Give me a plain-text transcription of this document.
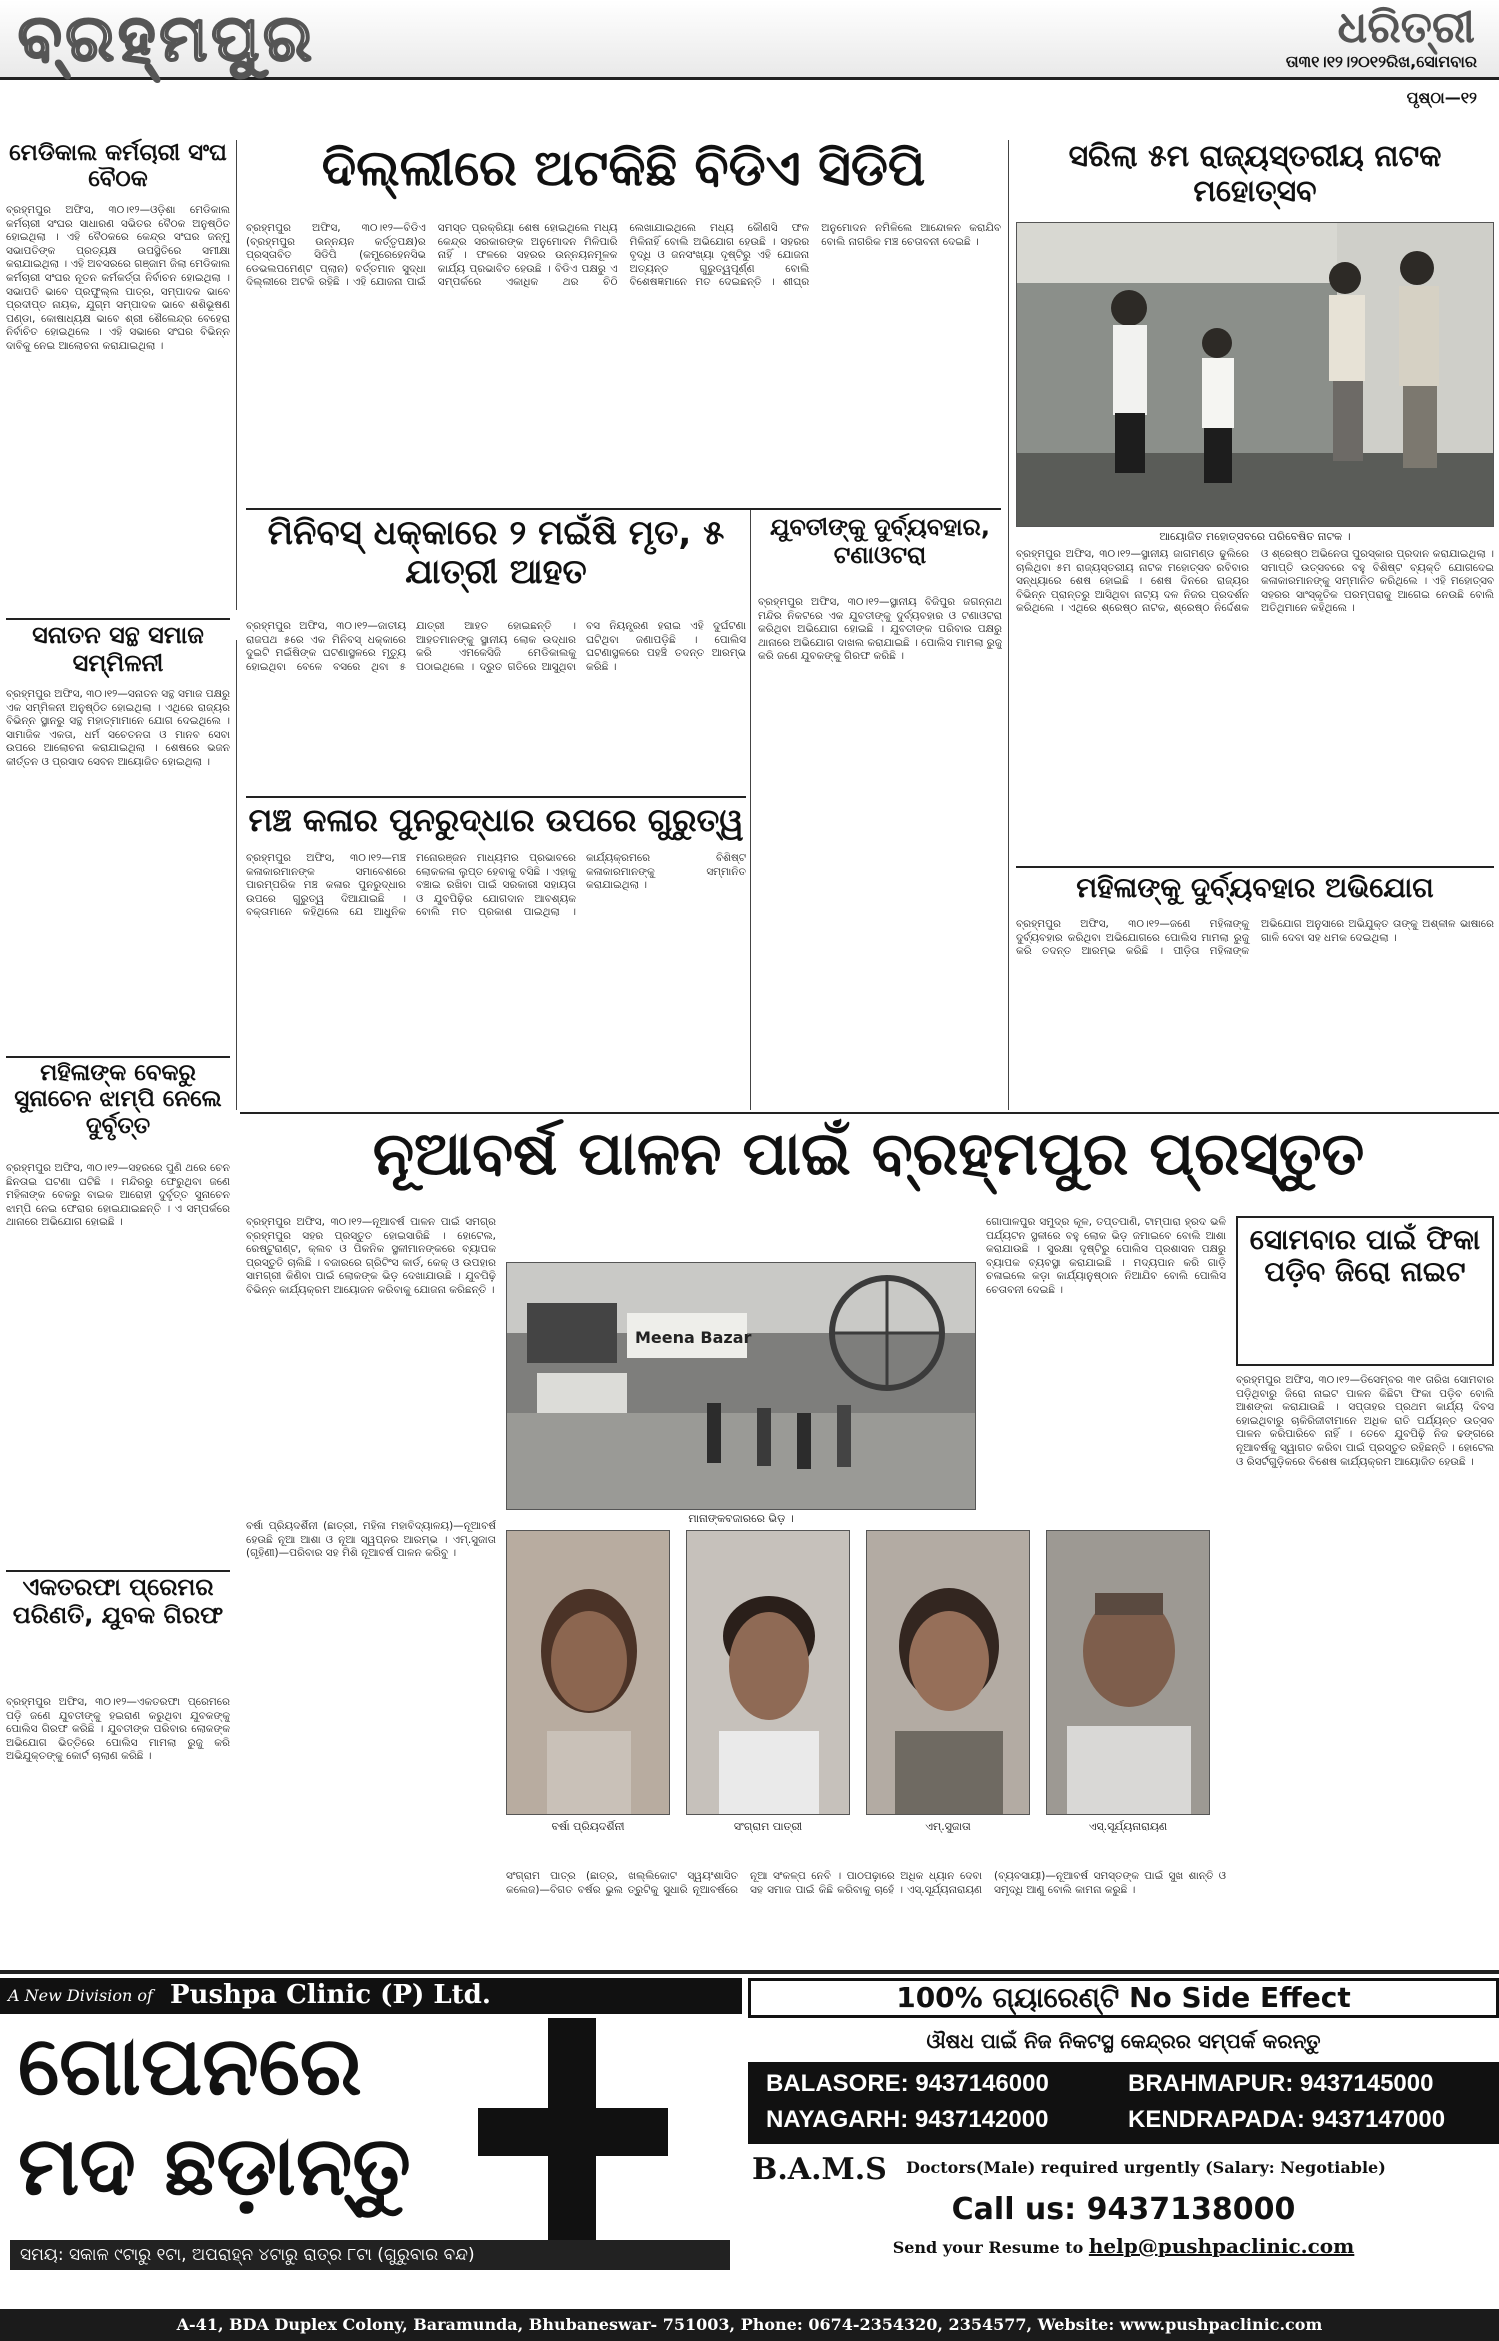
ବ୍ରହ୍ମପୁର	ଧରିତ୍ରୀ
ତା୩୧।୧୨।୨୦୧୨ରିଖ,ସୋମବାର
ପୃଷ୍ଠା—୧୨
ମେଡିକାଲ କର୍ମଚାରୀ ସଂଘ ବୈଠକ
ବ୍ରହ୍ମପୁର ଅଫିସ, ୩୦।୧୨—ଓଡ଼ିଶା ମେଡିକାଲ କର୍ମଚାରୀ ସଂଘର ସାଧାରଣ ସଭିତର ବୈଠକ ଅନୁଷ୍ଠିତ ହୋଇଥିଲା । ଏହି ବୈଠକରେ କେନ୍ଦ୍ର ସଂଘର ଜନ୍ମୁ ସଭାପତିଙ୍କ ପ୍ରତ୍ୟକ୍ଷ ଉପସ୍ଥିତିରେ ସମୀକ୍ଷା କରାଯାଇଥିଲା । ଏହି ଅବସରରେ ଗଞ୍ଜାମ ଜିଲା ମେଡିକାଲ କର୍ମଚାରୀ ସଂଘର ନୂତନ କର୍ମକର୍ତ୍ତା ନିର୍ବାଚନ ହୋଇଥିଲା । ସଭାପତି ଭାବେ ପ୍ରଫୁଲ୍ଲ ପାତ୍ର, ସମ୍ପାଦକ ଭାବେ ପ୍ରଦୀପ୍ତ ନାୟକ, ଯୁଗ୍ମ ସମ୍ପାଦକ ଭାବେ ଶଶିଭୂଷଣ ପଣ୍ଡା, କୋଷାଧ୍ୟକ୍ଷ ଭାବେ ଶ୍ରୀ ଶୈଲେନ୍ଦ୍ର ବେହେରା ନିର୍ବାଚିତ ହୋଇଥିଲେ । ଏହି ସଭାରେ ସଂଘର ବିଭିନ୍ନ ଦାବିକୁ ନେଇ ଆଲୋଚନା କରାଯାଇଥିଲା ।
ସନାତନ ସନ୍ଥ ସମାଜ ସମ୍ମିଳନୀ
ବ୍ରହ୍ମପୁର ଅଫିସ, ୩୦।୧୨—ସନାତନ ସନ୍ଥ ସମାଜ ପକ୍ଷରୁ ଏକ ସମ୍ମିଳନୀ ଅନୁଷ୍ଠିତ ହୋଇଥିଲା । ଏଥିରେ ରାଜ୍ୟର ବିଭିନ୍ନ ସ୍ଥାନରୁ ସନ୍ଥ ମହାତ୍ମାମାନେ ଯୋଗ ଦେଇଥିଲେ । ସାମାଜିକ ଏକତା, ଧର୍ମ ସଚେତନତା ଓ ମାନବ ସେବା ଉପରେ ଆଲୋଚନା କରାଯାଇଥିଲା । ଶେଷରେ ଭଜନ କୀର୍ତ୍ତନ ଓ ପ୍ରସାଦ ସେବନ ଆୟୋଜିତ ହୋଇଥିଲା ।
ମହିଳାଙ୍କ ବେକରୁ ସୁନାଚେନ ଝାମ୍ପି ନେଲେ ଦୁର୍ବୃତ୍ତ
ବ୍ରହ୍ମପୁର ଅଫିସ, ୩୦।୧୨—ସହରରେ ପୁଣି ଥରେ ଚେନ ଛିନତାଇ ଘଟଣା ଘଟିଛି । ମନ୍ଦିରରୁ ଫେରୁଥିବା ଜଣେ ମହିଳାଙ୍କ ବେକରୁ ବାଇକ ଆରୋହୀ ଦୁର୍ବୃତ୍ତ ସୁନାଚେନ ଝାମ୍ପି ନେଇ ଫେରାର ହୋଇଯାଇଛନ୍ତି । ଏ ସମ୍ପର୍କରେ ଥାନାରେ ଅଭିଯୋଗ ହୋଇଛି ।
ଏକତରଫା ପ୍ରେମର ପରିଣତି, ଯୁବକ ଗିରଫ
ବ୍ରହ୍ମପୁର ଅଫିସ, ୩୦।୧୨—ଏକତରଫା ପ୍ରେମରେ ପଡ଼ି ଜଣେ ଯୁବତୀଙ୍କୁ ହଇରାଣ କରୁଥିବା ଯୁବକଙ୍କୁ ପୋଲିସ ଗିରଫ କରିଛି । ଯୁବତୀଙ୍କ ପରିବାର ଲୋକଙ୍କ ଅଭିଯୋଗ ଭିତ୍ତିରେ ପୋଲିସ ମାମଲା ରୁଜୁ କରି ଅଭିଯୁକ୍ତଙ୍କୁ କୋର୍ଟ ଚାଲାଣ କରିଛି ।
ଦିଲ୍ଲୀରେ ଅଟକିଛି ବିଡିଏ ସିଡିପି
ବ୍ରହ୍ମପୁର ଅଫିସ, ୩୦।୧୨—ବିଡିଏ (ବ୍ରହ୍ମପୁର ଉନ୍ନୟନ କର୍ତ୍ତୃପକ୍ଷ)ର ପ୍ରସ୍ତାବିତ ସିଡିପି (କମ୍ପ୍ରେହେନସିଭ ଡେଭଲପମେଣ୍ଟ ପ୍ଲାନ) ବର୍ତ୍ତମାନ ସୁଦ୍ଧା ଦିଲ୍ଲୀରେ ଅଟକି ରହିଛି । ଏହି ଯୋଜନା ପାଇଁ ସମସ୍ତ ପ୍ରକ୍ରିୟା ଶେଷ ହୋଇଥିଲେ ମଧ୍ୟ କେନ୍ଦ୍ର ସରକାରଙ୍କ ଅନୁମୋଦନ ମିଳିପାରି ନାହିଁ । ଫଳରେ ସହରର ଉନ୍ନୟନମୂଳକ କାର୍ଯ୍ୟ ପ୍ରଭାବିତ ହେଉଛି । ବିଡିଏ ପକ୍ଷରୁ ଏ ସମ୍ପର୍କରେ ଏକାଧିକ ଥର ଚିଠି ଲେଖାଯାଇଥିଲେ ମଧ୍ୟ କୌଣସି ଫଳ ମିଳିନାହିଁ ବୋଲି ଅଭିଯୋଗ ହେଉଛି । ସହରର ବୃଦ୍ଧି ଓ ଜନସଂଖ୍ୟା ଦୃଷ୍ଟିରୁ ଏହି ଯୋଜନା ଅତ୍ୟନ୍ତ ଗୁରୁତ୍ୱପୂର୍ଣ୍ଣ ବୋଲି ବିଶେଷଜ୍ଞମାନେ ମତ ଦେଇଛନ୍ତି । ଶୀଘ୍ର ଅନୁମୋଦନ ନମିଳିଲେ ଆନ୍ଦୋଳନ କରାଯିବ ବୋଲି ନାଗରିକ ମଞ୍ଚ ଚେତାବନୀ ଦେଇଛି ।
ମିନିବସ୍ ଧକ୍କାରେ ୨ ମଇଁଷି ମୃତ, ୫ ଯାତ୍ରୀ ଆହତ
ବ୍ରହ୍ମପୁର ଅଫିସ, ୩୦।୧୨—ଜାତୀୟ ରାଜପଥ ୫ରେ ଏକ ମିନିବସ୍ ଧକ୍କାରେ ଦୁଇଟି ମଇଁଷିଙ୍କ ଘଟଣାସ୍ଥଳରେ ମୃତ୍ୟୁ ହୋଇଥିବା ବେଳେ ବସରେ ଥିବା ୫ ଯାତ୍ରୀ ଆହତ ହୋଇଛନ୍ତି । ଆହତମାନଙ୍କୁ ସ୍ଥାନୀୟ ଲୋକ ଉଦ୍ଧାର କରି ଏମକେସିଜି ମେଡିକାଲକୁ ପଠାଇଥିଲେ । ଦ୍ରୁତ ଗତିରେ ଆସୁଥିବା ବସ ନିୟନ୍ତ୍ରଣ ହରାଇ ଏହି ଦୁର୍ଘଟଣା ଘଟିଥିବା ଜଣାପଡ଼ିଛି । ପୋଲିସ ଘଟଣାସ୍ଥଳରେ ପହଞ୍ଚି ତଦନ୍ତ ଆରମ୍ଭ କରିଛି ।
ମଞ୍ଚ କଳାର ପୁନରୁଦ୍ଧାର ଉପରେ ଗୁରୁତ୍ୱ
ବ୍ରହ୍ମପୁର ଅଫିସ, ୩୦।୧୨—ମଞ୍ଚ କଳାକାରମାନଙ୍କ ସମାବେଶରେ ପାରମ୍ପରିକ ମଞ୍ଚ କଳାର ପୁନରୁଦ୍ଧାର ଉପରେ ଗୁରୁତ୍ୱ ଦିଆଯାଇଛି । ବକ୍ତାମାନେ କହିଥିଲେ ଯେ ଆଧୁନିକ ମନୋରଞ୍ଜନ ମାଧ୍ୟମର ପ୍ରଭାବରେ ଲୋକକଳା ଲୁପ୍ତ ହେବାକୁ ବସିଛି । ଏହାକୁ ବଞ୍ଚାଇ ରଖିବା ପାଇଁ ସରକାରୀ ସହାୟତା ଓ ଯୁବପିଢ଼ିର ଯୋଗଦାନ ଆବଶ୍ୟକ ବୋଲି ମତ ପ୍ରକାଶ ପାଇଥିଲା । କାର୍ଯ୍ୟକ୍ରମରେ ବିଶିଷ୍ଟ କଳାକାରମାନଙ୍କୁ ସମ୍ମାନିତ କରାଯାଇଥିଲା ।
ଯୁବତୀଙ୍କୁ ଦୁର୍ବ୍ୟବହାର, ଟଣାଓଟରା
ବ୍ରହ୍ମପୁର ଅଫିସ, ୩୦।୧୨—ସ୍ଥାନୀୟ ବିଜିପୁର ଜଗନ୍ନାଥ ମନ୍ଦିର ନିକଟରେ ଏକ ଯୁବତୀଙ୍କୁ ଦୁର୍ବ୍ୟବହାର ଓ ଟଣାଓଟରା କରିଥିବା ଅଭିଯୋଗ ହୋଇଛି । ଯୁବତୀଙ୍କ ପରିବାର ପକ୍ଷରୁ ଥାନାରେ ଅଭିଯୋଗ ଦାଖଲ କରାଯାଇଛି । ପୋଲିସ ମାମଲା ରୁଜୁ କରି ଜଣେ ଯୁବକଙ୍କୁ ଗିରଫ କରିଛି ।
ସରିଲା ୫ମ ରାଜ୍ୟସ୍ତରୀୟ ନାଟକ ମହୋତ୍ସବ
ଆୟୋଜିତ ମହୋତ୍ସବରେ ପରିବେଷିତ ନାଟକ ।
ବ୍ରହ୍ମପୁର ଅଫିସ, ୩୦।୧୨—ସ୍ଥାନୀୟ ଜାଗମଣ୍ଡ ଢୁଲିରେ ଚାଲିଥିବା ୫ମ ରାଜ୍ୟସ୍ତରୀୟ ନାଟକ ମହୋତ୍ସବ ରବିବାର ସନ୍ଧ୍ୟାରେ ଶେଷ ହୋଇଛି । ଶେଷ ଦିନରେ ରାଜ୍ୟର ବିଭିନ୍ନ ପ୍ରାନ୍ତରୁ ଆସିଥିବା ନାଟ୍ୟ ଦଳ ନିଜର ପ୍ରଦର୍ଶନ କରିଥିଲେ । ଏଥିରେ ଶ୍ରେଷ୍ଠ ନାଟକ, ଶ୍ରେଷ୍ଠ ନିର୍ଦ୍ଦେଶକ ଓ ଶ୍ରେଷ୍ଠ ଅଭିନେତା ପୁରସ୍କାର ପ୍ରଦାନ କରାଯାଇଥିଲା । ସମାପ୍ତି ଉତ୍ସବରେ ବହୁ ବିଶିଷ୍ଟ ବ୍ୟକ୍ତି ଯୋଗଦେଇ କଳାକାରମାନଙ୍କୁ ସମ୍ମାନିତ କରିଥିଲେ । ଏହି ମହୋତ୍ସବ ସହରର ସାଂସ୍କୃତିକ ପରମ୍ପରାକୁ ଆଗେଇ ନେଉଛି ବୋଲି ଅତିଥିମାନେ କହିଥିଲେ ।
ମହିଳାଙ୍କୁ ଦୁର୍ବ୍ୟବହାର ଅଭିଯୋଗ
ବ୍ରହ୍ମପୁର ଅଫିସ, ୩୦।୧୨—ଜଣେ ମହିଳାଙ୍କୁ ଦୁର୍ବ୍ୟବହାର କରିଥିବା ଅଭିଯୋଗରେ ପୋଲିସ ମାମଲା ରୁଜୁ କରି ତଦନ୍ତ ଆରମ୍ଭ କରିଛି । ପୀଡ଼ିତା ମହିଳାଙ୍କ ଅଭିଯୋଗ ଅନୁସାରେ ଅଭିଯୁକ୍ତ ତାଙ୍କୁ ଅଶ୍ଳୀଳ ଭାଷାରେ ଗାଳି ଦେବା ସହ ଧମକ ଦେଇଥିଲା ।
ନୂଆବର୍ଷ ପାଳନ ପାଇଁ ବ୍ରହ୍ମପୁର ପ୍ରସ୍ତୁତ
ବ୍ରହ୍ମପୁର ଅଫିସ, ୩୦।୧୨—ନୂଆବର୍ଷ ପାଳନ ପାଇଁ ସମଗ୍ର ବ୍ରହ୍ମପୁର ସହର ପ୍ରସ୍ତୁତ ହୋଇସାରିଛି । ହୋଟେଲ, ରେଷ୍ଟୁରାଣ୍ଟ, କ୍ଲବ ଓ ପିକନିକ ସ୍ଥଳୀମାନଙ୍କରେ ବ୍ୟାପକ ପ୍ରସ୍ତୁତି ଚାଲିଛି । ବଜାରରେ ଗ୍ରିଟିଂସ କାର୍ଡ, କେକ୍ ଓ ଉପହାର ସାମଗ୍ରୀ କିଣିବା ପାଇଁ ଲୋକଙ୍କ ଭିଡ଼ ଦେଖାଯାଉଛି । ଯୁବପିଢ଼ି ବିଭିନ୍ନ କାର୍ଯ୍ୟକ୍ରମ ଆୟୋଜନ କରିବାକୁ ଯୋଜନା କରିଛନ୍ତି ।
Meena Bazar
ମାନାଙ୍କବଜାରରେ ଭିଡ଼ ।
ଗୋପାଳପୁର ସମୁଦ୍ର କୂଳ, ତପ୍ତପାଣି, ଟାମ୍ପାରା ହ୍ରଦ ଭଳି ପର୍ଯ୍ୟଟନ ସ୍ଥଳୀରେ ବହୁ ଲୋକ ଭିଡ଼ ଜମାଇବେ ବୋଲି ଆଶା କରାଯାଉଛି । ସୁରକ୍ଷା ଦୃଷ୍ଟିରୁ ପୋଲିସ ପ୍ରଶାସନ ପକ୍ଷରୁ ବ୍ୟାପକ ବ୍ୟବସ୍ଥା କରାଯାଇଛି । ମଦ୍ୟପାନ କରି ଗାଡ଼ି ଚଳାଇଲେ କଡ଼ା କାର୍ଯ୍ୟାନୁଷ୍ଠାନ ନିଆଯିବ ବୋଲି ପୋଲିସ ଚେତାବନୀ ଦେଇଛି ।
ବର୍ଷା ପ୍ରିୟଦର୍ଶିନୀ	ସଂଗ୍ରାମ ପାତ୍ରୀ	ଏମ୍.ସୁଜାତା	ଏସ୍.ସୂର୍ଯ୍ୟନାରାୟଣ
ବର୍ଷା ପ୍ରିୟଦର୍ଶିନୀ (ଛାତ୍ରୀ, ମହିଳା ମହାବିଦ୍ୟାଳୟ)—ନୂଆବର୍ଷ ହେଉଛି ନୂଆ ଆଶା ଓ ନୂଆ ସ୍ୱପ୍ନର ଆରମ୍ଭ । ଏମ୍.ସୁଜାତା (ଗୃହିଣୀ)—ପରିବାର ସହ ମିଶି ନୂଆବର୍ଷ ପାଳନ କରିବୁ ।
ସଂଗ୍ରାମ ପାତ୍ର (ଛାତ୍ର, ଖଲ୍ଲିକୋଟ ସ୍ୱୟଂଶାସିତ କଲେଜ)—ବିଗତ ବର୍ଷର ଭୁଲ ତ୍ରୁଟିକୁ ସୁଧାରି ନୂଆବର୍ଷରେ ନୂଆ ସଂକଳ୍ପ ନେବି । ପାଠପଢ଼ାରେ ଅଧିକ ଧ୍ୟାନ ଦେବା ସହ ସମାଜ ପାଇଁ କିଛି କରିବାକୁ ଚାହେଁ । ଏସ୍.ସୂର୍ଯ୍ୟନାରାୟଣ (ବ୍ୟବସାୟୀ)—ନୂଆବର୍ଷ ସମସ୍ତଙ୍କ ପାଇଁ ସୁଖ ଶାନ୍ତି ଓ ସମୃଦ୍ଧି ଆଣୁ ବୋଲି କାମନା କରୁଛି ।
ସୋମବାର ପାଇଁ ଫିକା ପଡ଼ିବ ଜିରୋ ନାଇଟ
ବ୍ରହ୍ମପୁର ଅଫିସ, ୩୦।୧୨—ଡିସେମ୍ବର ୩୧ ତାରିଖ ସୋମବାର ପଡ଼ିଥିବାରୁ ଜିରୋ ନାଇଟ ପାଳନ କିଛିଟା ଫିକା ପଡ଼ିବ ବୋଲି ଆଶଙ୍କା କରାଯାଉଛି । ସପ୍ତାହର ପ୍ରଥମ କାର୍ଯ୍ୟ ଦିବସ ହୋଇଥିବାରୁ ଚାକିରିଜୀବୀମାନେ ଅଧିକ ରାତି ପର୍ଯ୍ୟନ୍ତ ଉତ୍ସବ ପାଳନ କରିପାରିବେ ନାହିଁ । ତେବେ ଯୁବପିଢ଼ି ନିଜ ଢଙ୍ଗରେ ନୂଆବର୍ଷକୁ ସ୍ୱାଗତ କରିବା ପାଇଁ ପ୍ରସ୍ତୁତ ରହିଛନ୍ତି । ହୋଟେଲ ଓ ରିସର୍ଟଗୁଡ଼ିକରେ ବିଶେଷ କାର୍ଯ୍ୟକ୍ରମ ଆୟୋଜିତ ହେଉଛି ।
A New Division of Pushpa Clinic (P) Ltd.
ଗୋପନରେ
ମଦ ଛଡ଼ାନ୍ତୁ
ସମୟ: ସକାଳ ୯ଟାରୁ ୧ଟା, ଅପରାହ୍ନ ୪ଟାରୁ ରାତ୍ର ୮ଟା (ଗୁରୁବାର ବନ୍ଦ)
100% ଗ୍ୟାରେଣ୍ଟି No Side Effect
ଔଷଧ ପାଇଁ ନିଜ ନିକଟସ୍ଥ କେନ୍ଦ୍ରର ସମ୍ପର୍କ କରନ୍ତୁ
BALASORE: 9437146000	BRAHMAPUR: 9437145000
NAYAGARH: 9437142000	KENDRAPADA: 9437147000
B.A.M.S Doctors(Male) required urgently (Salary: Negotiable)
Call us: 9437138000
Send your Resume to help@pushpaclinic.com
A-41, BDA Duplex Colony, Baramunda, Bhubaneswar- 751003, Phone: 0674-2354320, 2354577, Website: www.pushpaclinic.com
